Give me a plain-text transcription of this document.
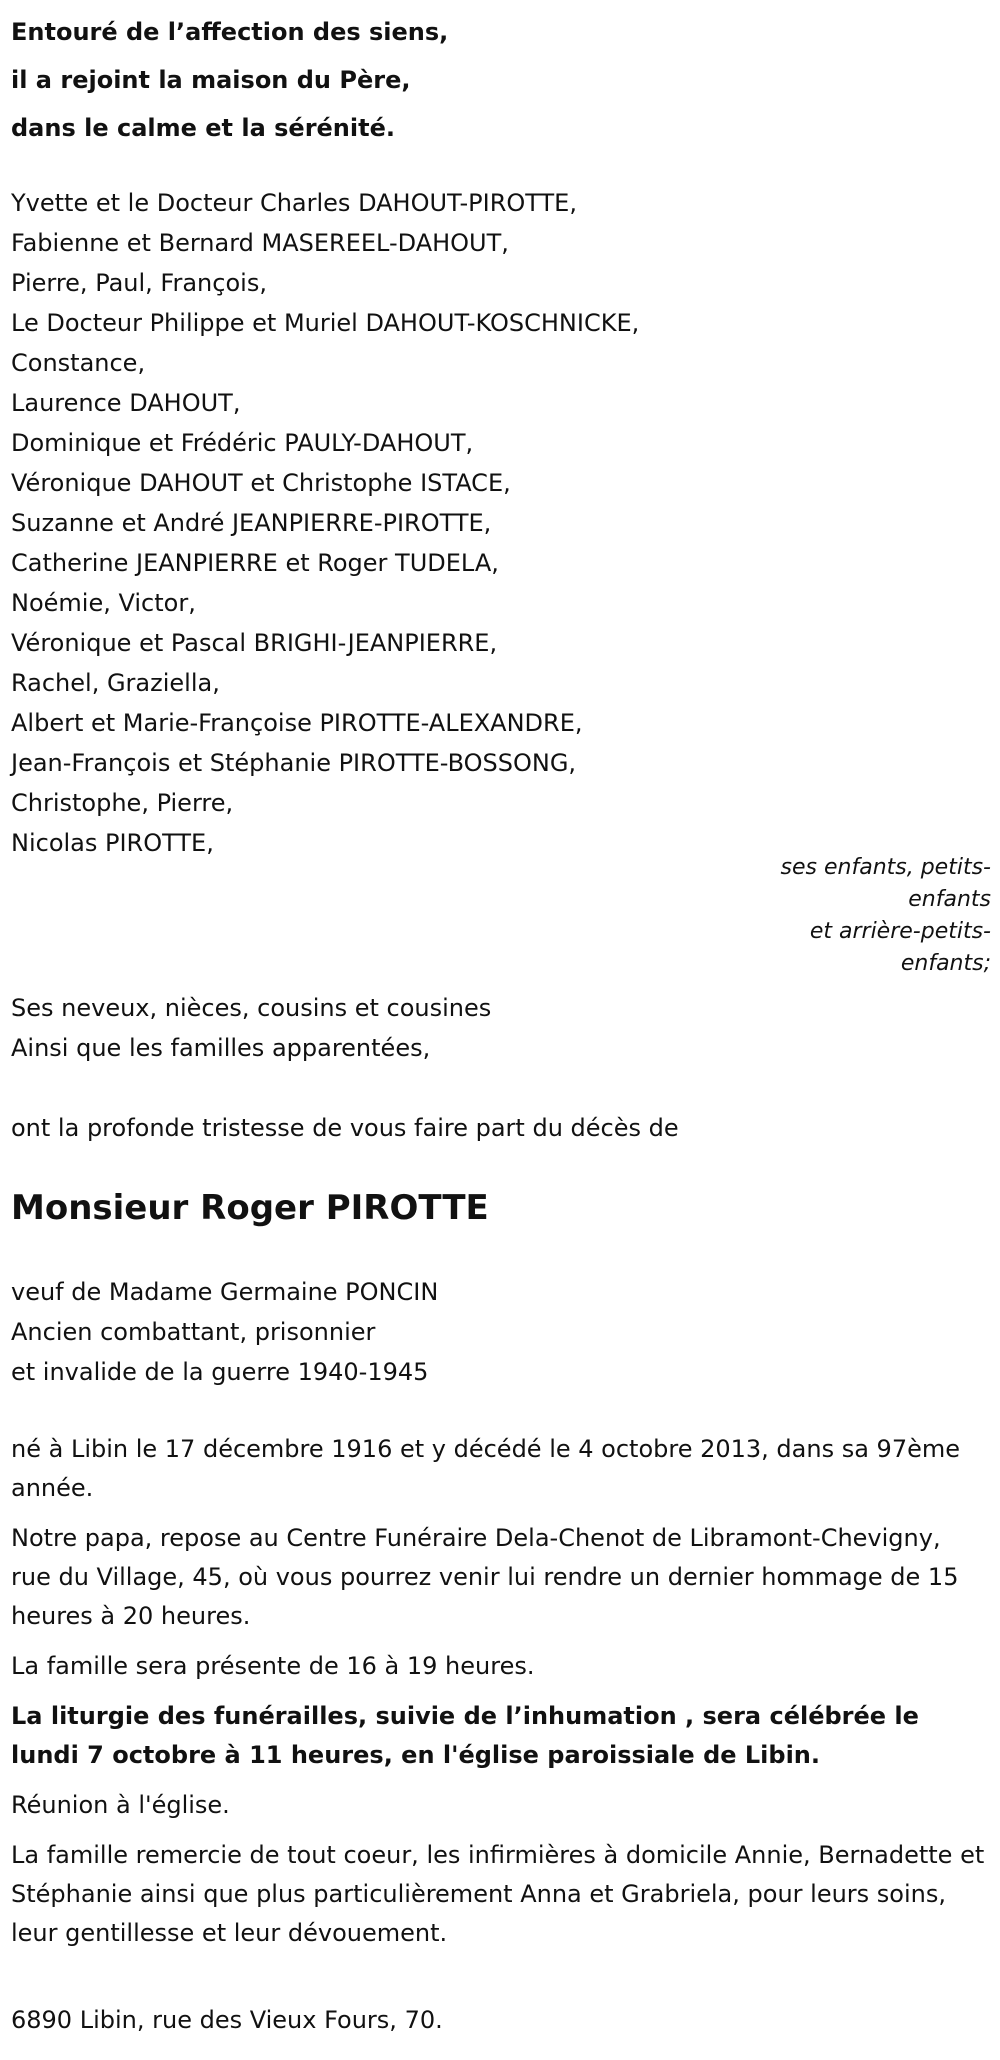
Entouré de l’affection des siens,
il a rejoint la maison du Père,
dans le calme et la sérénité.
Yvette et le Docteur Charles DAHOUT-PIROTTE,
Fabienne et Bernard MASEREEL-DAHOUT,
Pierre, Paul, François,
Le Docteur Philippe et Muriel DAHOUT-KOSCHNICKE,
Constance,
Laurence DAHOUT,
Dominique et Frédéric PAULY-DAHOUT,
Véronique DAHOUT et Christophe ISTACE,
Suzanne et André JEANPIERRE-PIROTTE,
Catherine JEANPIERRE et Roger TUDELA,
Noémie, Victor,
Véronique et Pascal BRIGHI-JEANPIERRE,
Rachel, Graziella,
Albert et Marie-Françoise PIROTTE-ALEXANDRE,
Jean-François et Stéphanie PIROTTE-BOSSONG,
Christophe, Pierre,
Nicolas PIROTTE,
ses enfants, petits-enfants
et arrière-petits-enfants;
Ses neveux, nièces, cousins et cousines
Ainsi que les familles apparentées,
ont la profonde tristesse de vous faire part du décès de
Monsieur Roger PIROTTE
veuf de Madame Germaine PONCIN
Ancien combattant, prisonnier
et invalide de la guerre 1940-1945

né à Libin le 17 décembre 1916 et y décédé le 4 octobre 2013, dans sa 97ème année.

Notre papa, repose au Centre Funéraire Dela-Chenot de Libramont-Chevigny, rue du Village, 45, où vous pourrez venir lui rendre un dernier hommage de 15 heures à 20 heures.

La famille sera présente de 16 à 19 heures.

La liturgie des funérailles, suivie de l’inhumation , sera célébrée le lundi 7 octobre à 11 heures, en l'église paroissiale de Libin.

Réunion à l'église.

La famille remercie de tout coeur, les infirmières à domicile Annie, Bernadette et Stéphanie ainsi que plus particulièrement Anna et Grabriela, pour leurs soins, leur gentillesse et leur dévouement.

6890 Libin, rue des Vieux Fours, 70.
